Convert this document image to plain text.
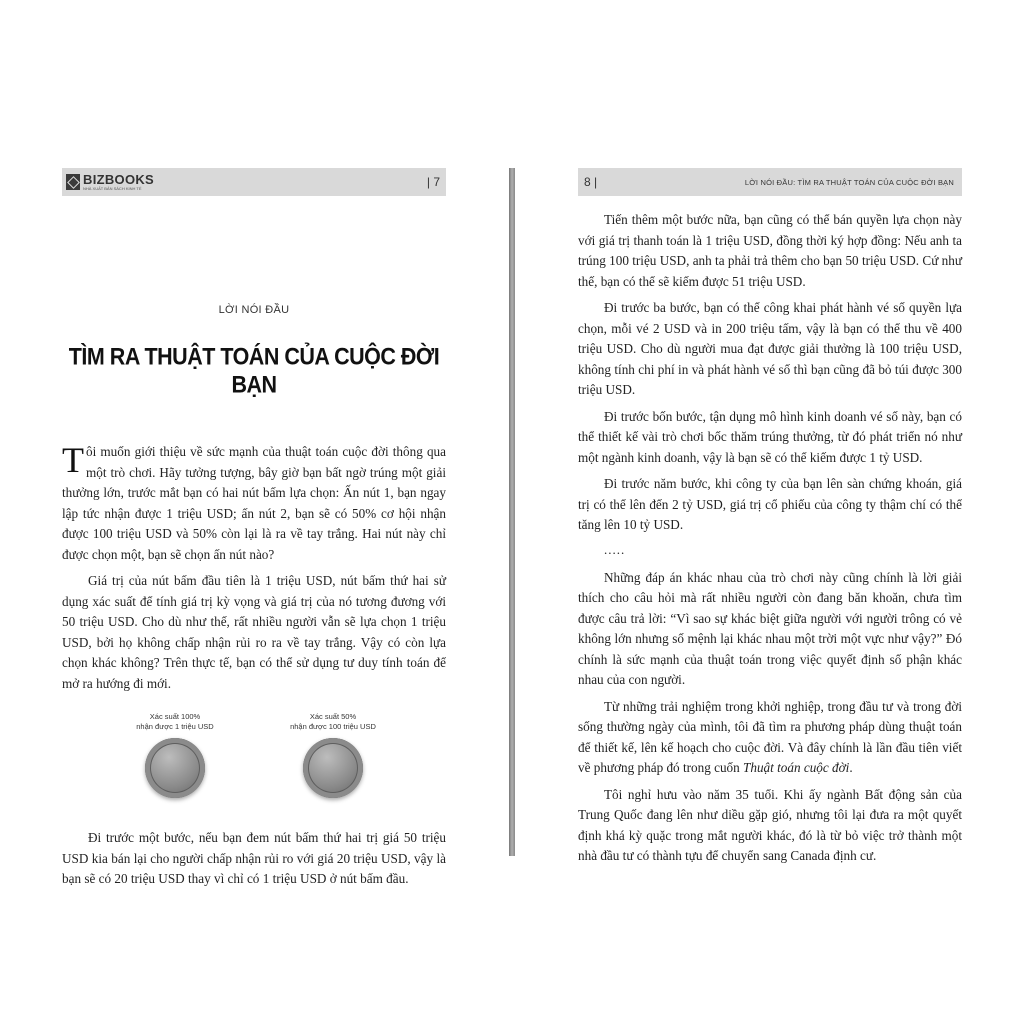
BIZBOOKS
NHÀ XUẤT BẢN SÁCH KINH TẾ	| 7
LỜI NÓI ĐẦU
TÌM RA THUẬT TOÁN CỦA CUỘC ĐỜI BẠN

Tôi muốn giới thiệu về sức mạnh của thuật toán cuộc đời thông qua một trò chơi. Hãy tưởng tượng, bây giờ bạn bất ngờ trúng một giải thưởng lớn, trước mắt bạn có hai nút bấm lựa chọn: Ấn nút 1, bạn ngay lập tức nhận được 1 triệu USD; ấn nút 2, bạn sẽ có 50% cơ hội nhận được 100 triệu USD và 50% còn lại là ra về tay trắng. Hai nút này chỉ được chọn một, bạn sẽ chọn ấn nút nào?

Giá trị của nút bấm đầu tiên là 1 triệu USD, nút bấm thứ hai sử dụng xác suất để tính giá trị kỳ vọng và giá trị của nó tương đương với 50 triệu USD. Cho dù như thế, rất nhiều người vẫn sẽ lựa chọn 1 triệu USD, bởi họ không chấp nhận rủi ro ra về tay trắng. Vậy có còn lựa chọn khác không? Trên thực tế, bạn có thể sử dụng tư duy tính toán để mở ra hướng đi mới.

Xác suất 100%
nhận được 1 triệu USD
Xác suất 50%
nhận được 100 triệu USD

Đi trước một bước, nếu bạn đem nút bấm thứ hai trị giá 50 triệu USD kia bán lại cho người chấp nhận rủi ro với giá 20 triệu USD, vậy là bạn sẽ có 20 triệu USD thay vì chỉ có 1 triệu USD ở nút bấm đầu.

8 |	LỜI NÓI ĐẦU: TÌM RA THUẬT TOÁN CỦA CUỘC ĐỜI BẠN

Tiến thêm một bước nữa, bạn cũng có thể bán quyền lựa chọn này với giá trị thanh toán là 1 triệu USD, đồng thời ký hợp đồng: Nếu anh ta trúng 100 triệu USD, anh ta phải trả thêm cho bạn 50 triệu USD. Cứ như thế, bạn có thể sẽ kiếm được 51 triệu USD.

Đi trước ba bước, bạn có thể công khai phát hành vé số quyền lựa chọn, mỗi vé 2 USD và in 200 triệu tấm, vậy là bạn có thể thu về 400 triệu USD. Cho dù người mua đạt được giải thưởng là 100 triệu USD, không tính chi phí in và phát hành vé số thì bạn cũng đã bỏ túi được 300 triệu USD.

Đi trước bốn bước, tận dụng mô hình kinh doanh vé số này, bạn có thể thiết kế vài trò chơi bốc thăm trúng thưởng, từ đó phát triển nó như một ngành kinh doanh, vậy là bạn sẽ có thể kiếm được 1 tỷ USD.

Đi trước năm bước, khi công ty của bạn lên sàn chứng khoán, giá trị có thể lên đến 2 tỷ USD, giá trị cổ phiếu của công ty thậm chí có thể tăng lên 10 tỷ USD.

.....

Những đáp án khác nhau của trò chơi này cũng chính là lời giải thích cho câu hỏi mà rất nhiều người còn đang băn khoăn, chưa tìm được câu trả lời: “Vì sao sự khác biệt giữa người với người trông có vẻ không lớn nhưng số mệnh lại khác nhau một trời một vực như vậy?” Đó chính là sức mạnh của thuật toán trong việc quyết định số phận khác nhau của con người.

Từ những trải nghiệm trong khởi nghiệp, trong đầu tư và trong đời sống thường ngày của mình, tôi đã tìm ra phương pháp dùng thuật toán để thiết kế, lên kế hoạch cho cuộc đời. Và đây chính là lần đầu tiên viết về phương pháp đó trong cuốn Thuật toán cuộc đời.

Tôi nghỉ hưu vào năm 35 tuổi. Khi ấy ngành Bất động sản của Trung Quốc đang lên như diều gặp gió, nhưng tôi lại đưa ra một quyết định khá kỳ quặc trong mắt người khác, đó là từ bỏ việc trở thành một nhà đầu tư có thành tựu để chuyển sang Canada định cư.
